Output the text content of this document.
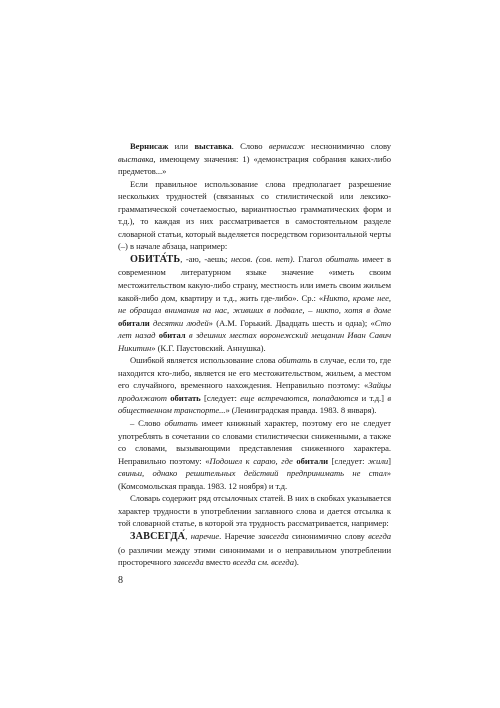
Вернисаж или выставка. Слово вернисаж неснонимично слову выставка, имеющему значения: 1) «демонстрация собрания каких-либо предметов...»

Если правильное использование слова предполагает разрешение нескольких трудностей (связанных со стилистической или лексико-грамматической сочетаемостью, вариантностью грамматических форм и т.д.), то каждая из них рассматривается в самостоятельном разделе словарной статьи, который выделяется посредством горизонтальной черты (–) в начале абзаца, например:

ОБИТА́ТЬ, -аю, -аешь; несов. (сов. нет). Глагол обитать имеет в современном литературном языке значение «иметь своим местожительством какую-либо страну, местность или иметь своим жильем какой-либо дом, квартиру и т.д., жить где-либо». Ср.: «Никто, кроме нее, не обращал внимания на нас, живших в подвале, – никто, хотя в доме обитали десятки людей» (А.М. Горький. Двадцать шесть и одна); «Сто лет назад обитал в здешних местах воронежский мещанин Иван Савич Никитин» (К.Г. Паустовский. Аннушка).

Ошибкой является использование слова обитать в случае, если то, где находится кто-либо, является не его местожительством, жильем, а местом его случайного, временного нахождения. Неправильно поэтому: «Зайцы продолжают обитать [следует: еще встречаются, попадаются и т.д.] в общественном транспорте...» (Ленинградская правда. 1983. 8 января).

– Слово обитать имеет книжный характер, поэтому его не следует употреблять в сочетании со словами стилистически сниженными, а также со словами, вызывающими представления сниженного характера. Неправильно поэтому: «Подошел к сараю, где обитали [следует: жили] свиньи, однако решительных действий предпринимать не стал» (Комсомольская правда. 1983. 12 ноября) и т.д.

Словарь содержит ряд отсылочных статей. В них в скобках указывается характер трудности в употреблении заглавного слова и дается отсылка к той словарной статье, в которой эта трудность рассматривается, например:

ЗАВСЕГДА́, наречие. Наречие завсегда синонимично слову всегда (о различии между этими синонимами и о неправильном употреблении просторечного завсегда вместо всегда см. всегда).

8
